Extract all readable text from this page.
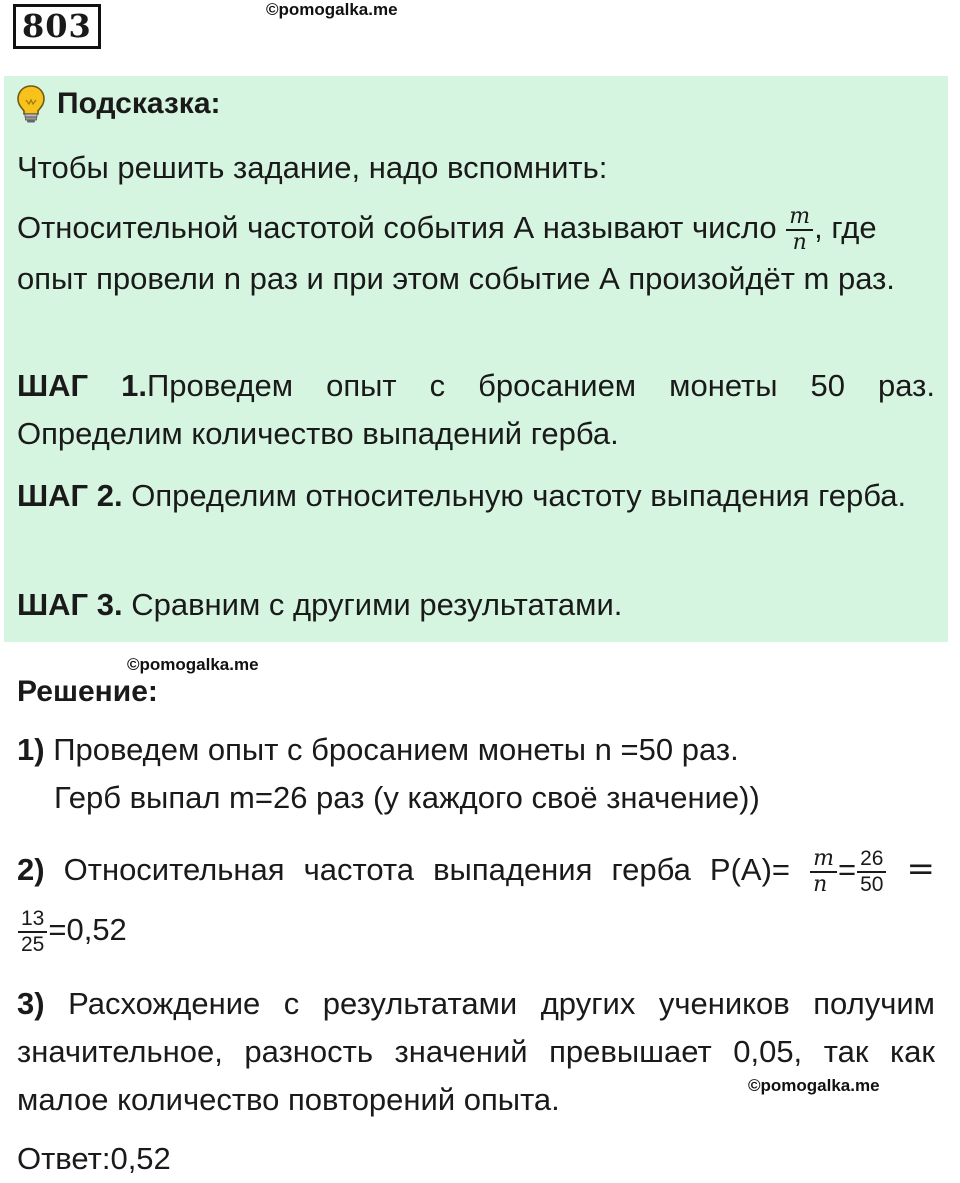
803	©pomogalka.me
Подсказка:
Чтобы решить задание, надо вспомнить:
Относительной частотой события А называют число $\frac{m}{n}$ , где опыт провели n раз и при этом событие А произойдёт m раз.
ШАГ 1.Проведем опыт с бросанием монеты 50 раз.
Определим количество выпадений герба.
ШАГ 2. Определим относительную частоту выпадения герба.
ШАГ 3. Сравним с другими результатами.
©pomogalka.me
Решение:
1) Проведем опыт с бросанием монеты n =50 раз.
Герб выпал m=26 раз (у каждого своё значение))
2) Относительная частота выпадения герба $P(A)= \frac{m}{n} = \frac{26}{50}$ =
$\frac{13}{25} =0,52$
3) Расхождение с результатами других учеников получим значительное, разность значений превышает 0,05, так как малое количество повторений опыта.	©pomogalka.me
Ответ:0,52
